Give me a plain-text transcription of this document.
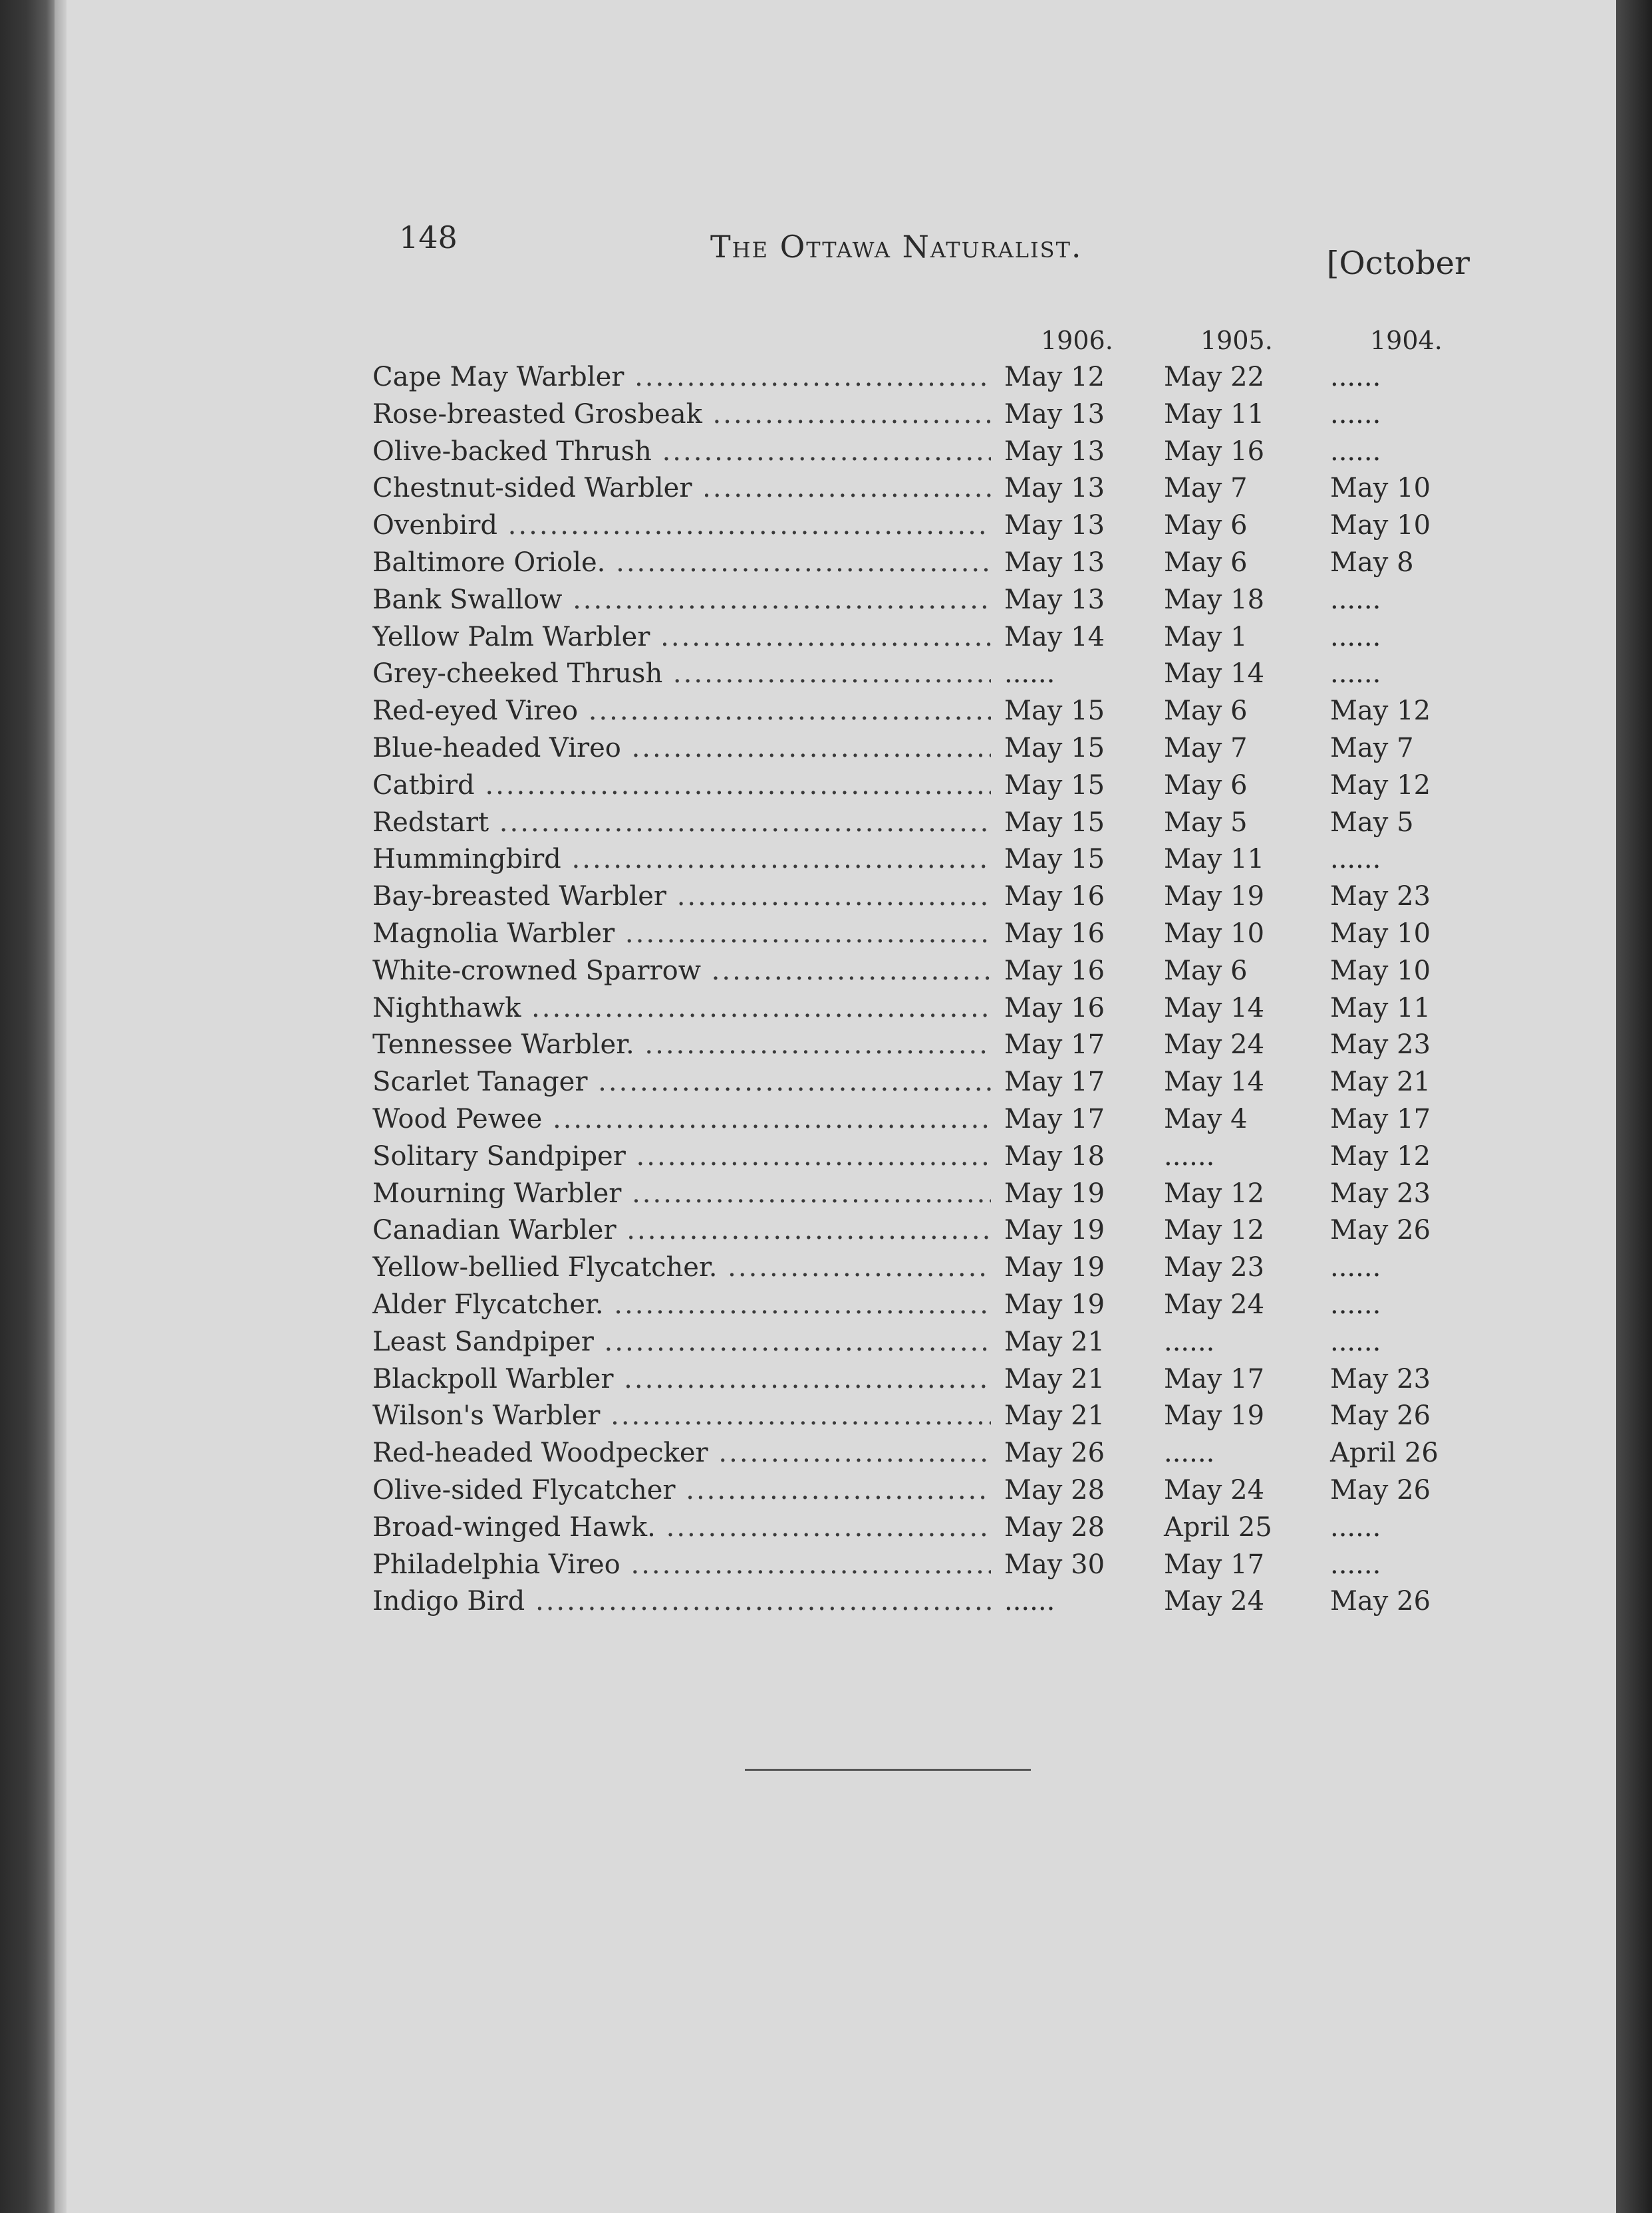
148	The Ottawa Naturalist.	[October
1906.	1905.	1904.
Cape May Warbler .....	May 12 May 22 ......
Rose-breasted Grosbeak .....	May 13 May 11 ......
Olive-backed Thrush .....	May 13 May 16 ......
Chestnut-sided Warbler .....	May 13 May 7	May 10
Ovenbird .....	May 13 May 6	May 10
Baltimore Oriole. .....	May 13 May 6	May 8
Bank Swallow .....	May 13 May 18 ......
Yellow Palm Warbler .....	May 14 May 1	......
Grey-cheeked Thrush .....	......	May 14 ......
Red-eyed Vireo .....	May 15 May 6	May 12
Blue-headed Vireo .....	May 15 May 7	May 7
Catbird .....	May 15 May 6	May 12
Redstart .....	May 15 May 5	May 5
Hummingbird .....	May 15 May 11 ......
Bay-breasted Warbler .....	May 16 May 19 May 23
Magnolia Warbler .....	May 16 May 10 May 10
White-crowned Sparrow .....	May 16 May 6	May 10
Nighthawk .....	May 16 May 14 May 11
Tennessee Warbler. .....	May 17 May 24 May 23
Scarlet Tanager .....	May 17 May 14 May 21
Wood Pewee .....	May 17 May 4	May 17
Solitary Sandpiper .....	May 18 ......	May 12
Mourning Warbler .....	May 19 May 12 May 23
Canadian Warbler .....	May 19 May 12 May 26
Yellow-bellied Flycatcher. .....	May 19 May 23 ......
Alder Flycatcher. .....	May 19 May 24 ......
Least Sandpiper .....	May 21 ......	......
Blackpoll Warbler .....	May 21 May 17 May 23
Wilson's Warbler .....	May 21 May 19 May 26
Red-headed Woodpecker .....	May 26 ......	April 26
Olive-sided Flycatcher .....	May 28 May 24 May 26
Broad-winged Hawk. .....	May 28 April 25 ......
Philadelphia Vireo .....	May 30 May 17 ......
Indigo Bird .....	......	May 24 May 26
